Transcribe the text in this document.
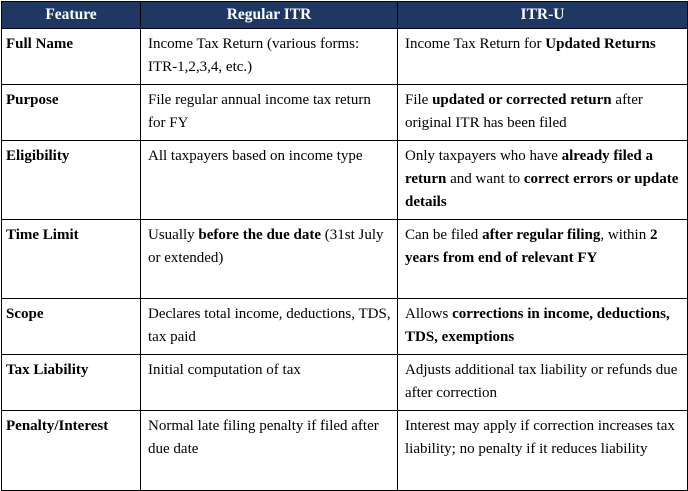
Feature	Regular ITR	ITR-U
Full Name	Income Tax Return (various forms: ITR-1,2,3,4, etc.)	Income Tax Return for Updated Returns
Purpose	File regular annual income tax return for FY	File updated or corrected return after original ITR has been filed
Eligibility	All taxpayers based on income type	Only taxpayers who have already filed a return and want to correct errors or update details
Time Limit	Usually before the due date (31st July or extended)	Can be filed after regular filing, within 2 years from end of relevant FY
Scope	Declares total income, deductions, TDS, tax paid	Allows corrections in income, deductions, TDS, exemptions
Tax Liability	Initial computation of tax	Adjusts additional tax liability or refunds due after correction
Penalty/Interest	Normal late filing penalty if filed after due date	Interest may apply if correction increases tax liability; no penalty if it reduces liability
